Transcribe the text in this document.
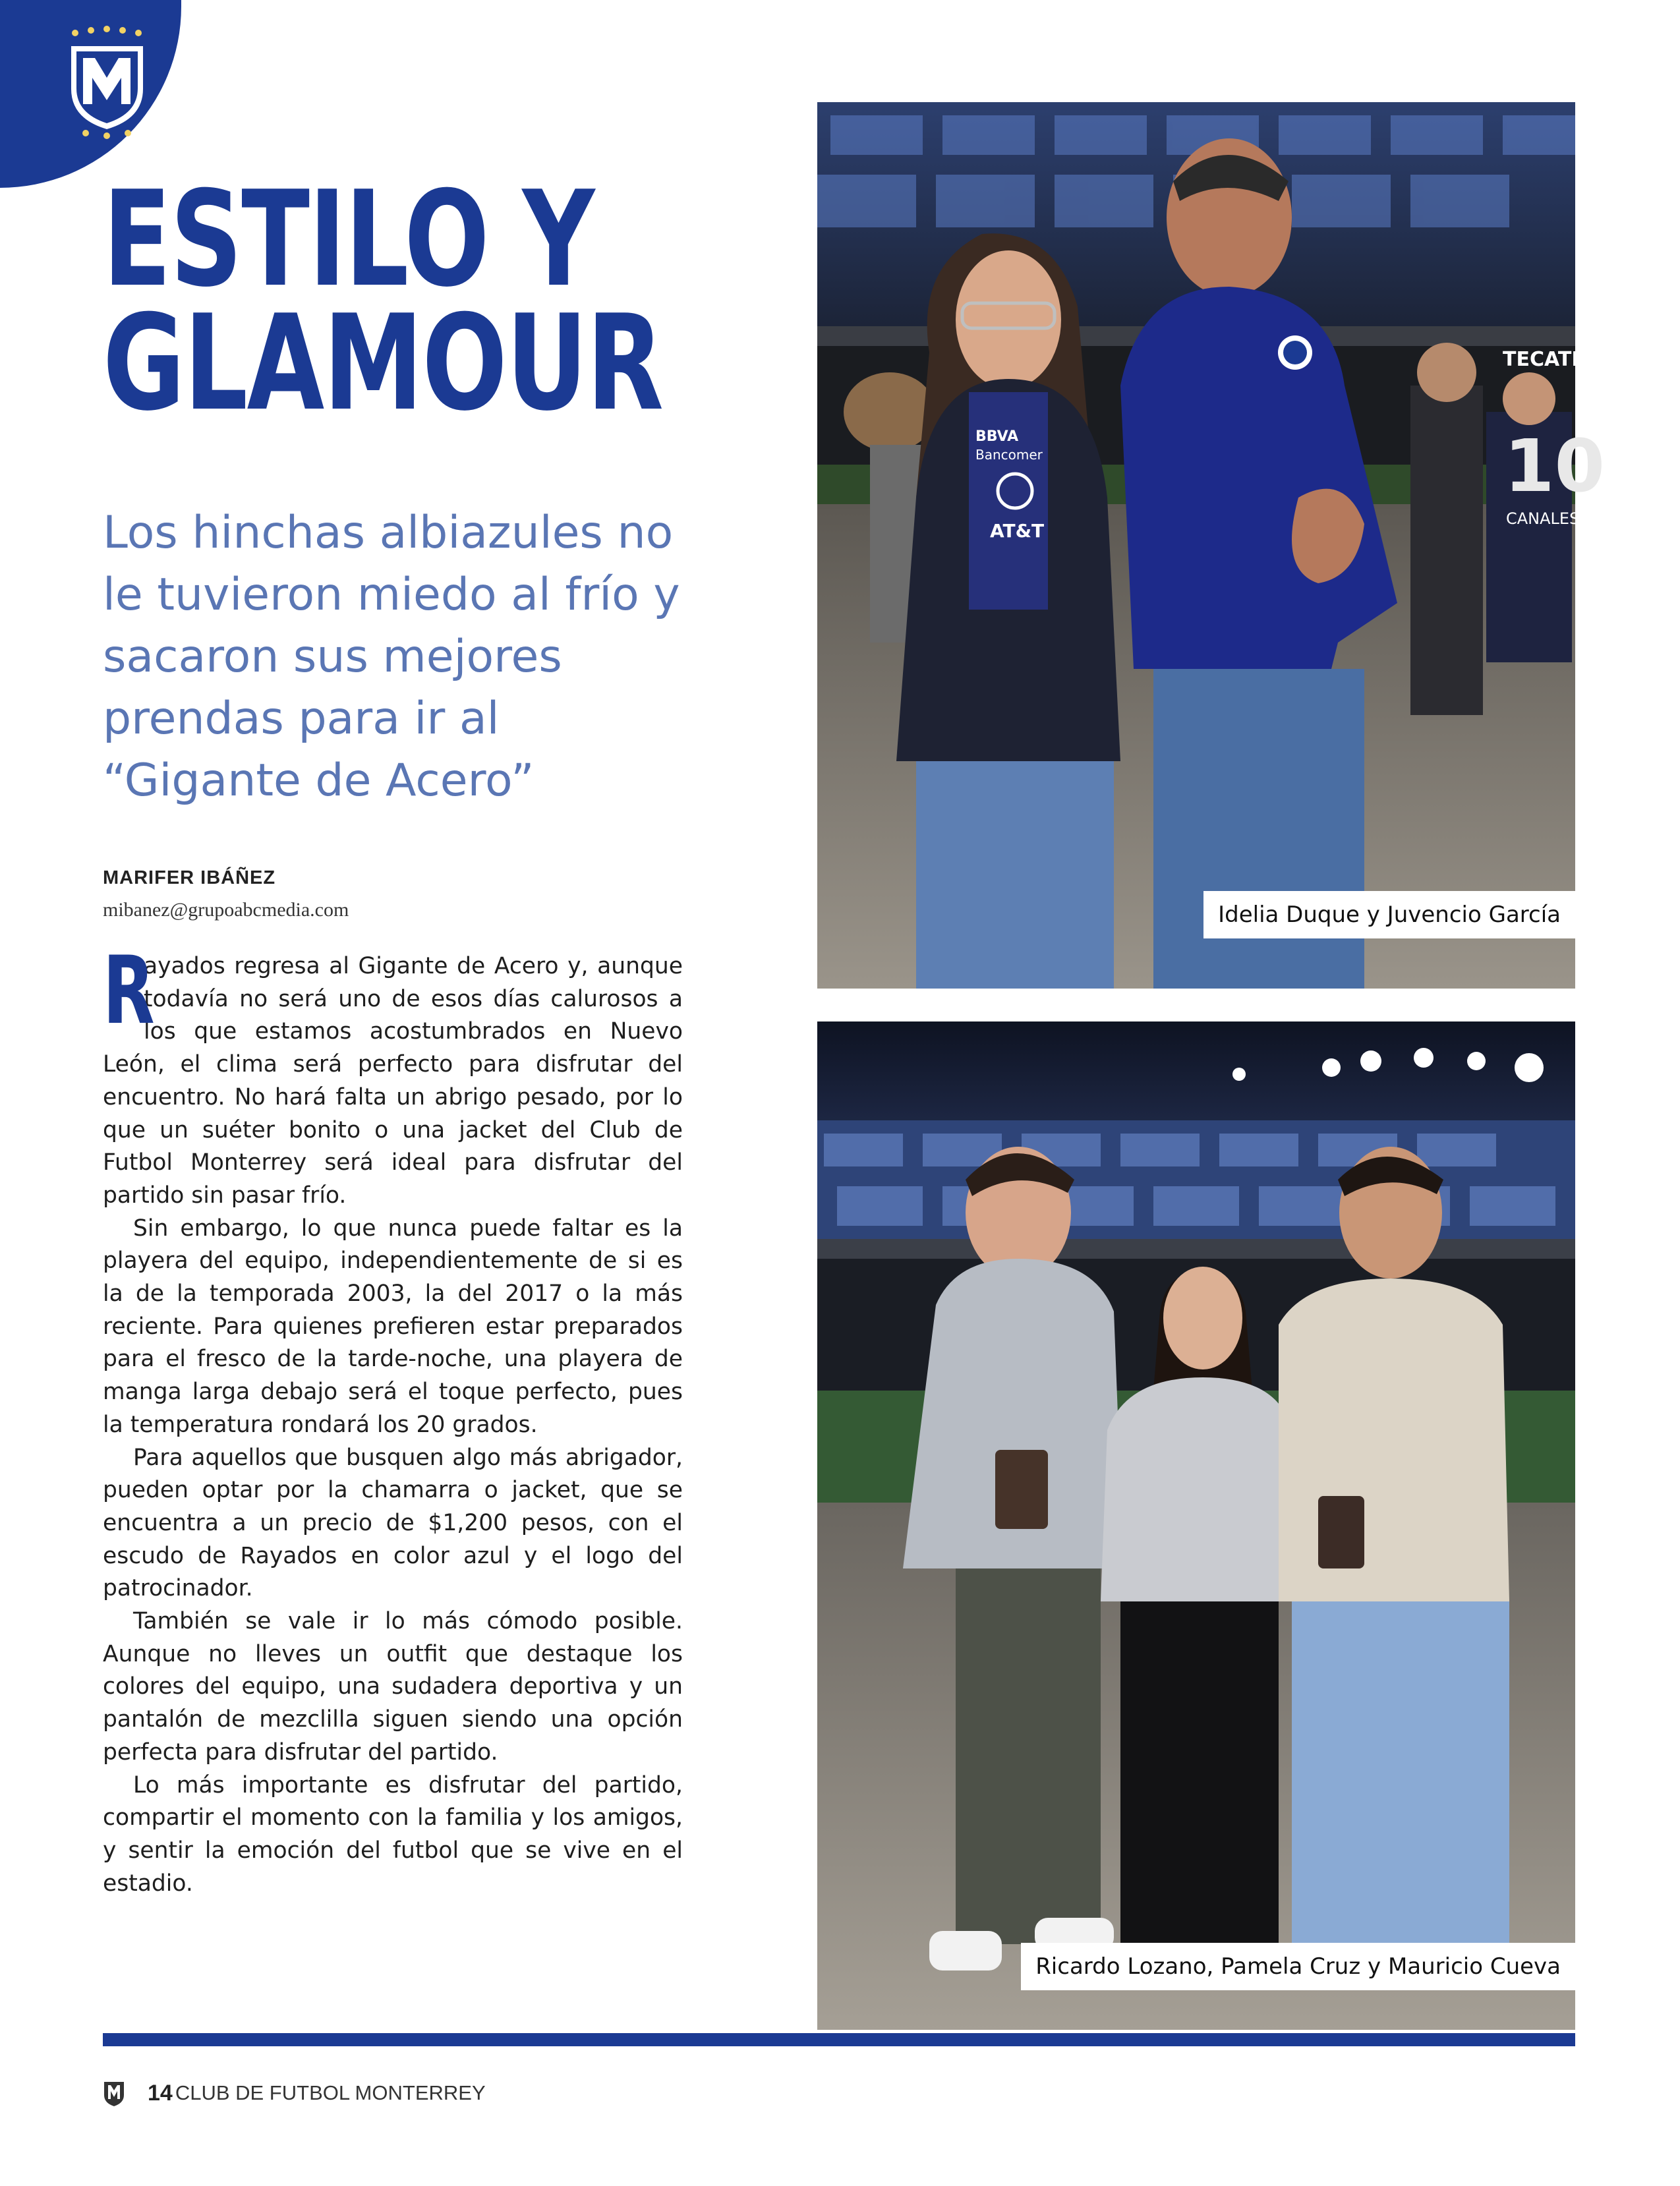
ESTILO Y
GLAMOUR

Los hinchas albiazules no le tuvieron miedo al frío y sacaron sus mejores prendas para ir al “Gigante de Acero”

MARIFER IBÁÑEZ
mibanez@grupoabcmedia.com

R
ayados regresa al Gigante de Acero y, aunque todavía no será uno de esos días calurosos a los que estamos acostumbrados en Nuevo León, el clima será perfecto para disfrutar del encuentro. No hará falta un abrigo pesado, por lo que un suéter bonito o una jacket del Club de Futbol Monterrey será ideal para disfrutar del partido sin pasar frío.

Sin embargo, lo que nunca puede faltar es la playera del equipo, independientemente de si es la de la temporada 2003, la del 2017 o la más reciente. Para quienes prefieren estar preparados para el fresco de la tarde-noche, una playera de manga larga debajo será el toque perfecto, pues la temperatura rondará los 20 grados.

Para aquellos que busquen algo más abrigador, pueden optar por la chamarra o jacket, que se encuentra a un precio de $1,200 pesos, con el escudo de Rayados en color azul y el logo del patrocinador.

También se vale ir lo más cómodo posible. Aunque no lleves un outfit que destaque los colores del equipo, una sudadera deportiva y un pantalón de mezclilla siguen siendo una opción perfecta para disfrutar del partido.

Lo más importante es disfrutar del partido, compartir el momento con la familia y los amigos, y sentir la emoción del futbol que se vive en el estadio.

TECATE
10
CANALES
BBVA
Bancomer
AT&T
Idelia Duque y Juvencio García
Ricardo Lozano, Pamela Cruz y Mauricio Cueva
14 CLUB DE FUTBOL MONTERREY
